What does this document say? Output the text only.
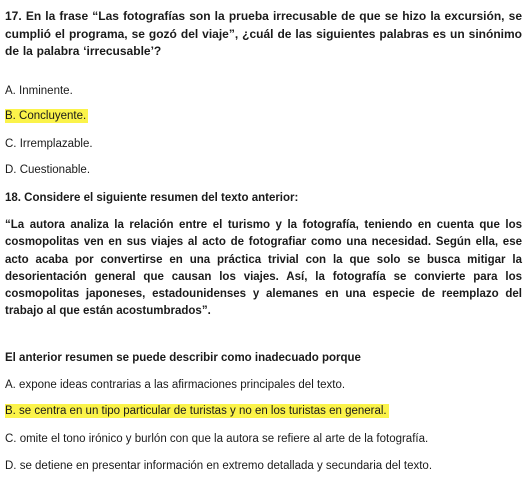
17. En la frase “Las fotografías son la prueba irrecusable de que se hizo la excursión, se cumplió el programa, se gozó del viaje”, ¿cuál de las siguientes palabras es un sinónimo de la palabra ‘irrecusable’?

A. Inminente.
B. Concluyente.
C. Irremplazable.
D. Cuestionable.

18. Considere el siguiente resumen del texto anterior:

“La autora analiza la relación entre el turismo y la fotografía, teniendo en cuenta que los cosmopolitas ven en sus viajes al acto de fotografiar como una necesidad. Según ella, ese acto acaba por convertirse en una práctica trivial con la que solo se busca mitigar la desorientación general que causan los viajes. Así, la fotografía se convierte para los cosmopolitas japoneses, estadounidenses y alemanes en una especie de reemplazo del trabajo al que están acostumbrados”.

El anterior resumen se puede describir como inadecuado porque

A. expone ideas contrarias a las afirmaciones principales del texto.
B. se centra en un tipo particular de turistas y no en los turistas en general.
C. omite el tono irónico y burlón con que la autora se refiere al arte de la fotografía.
D. se detiene en presentar información en extremo detallada y secundaria del texto.
